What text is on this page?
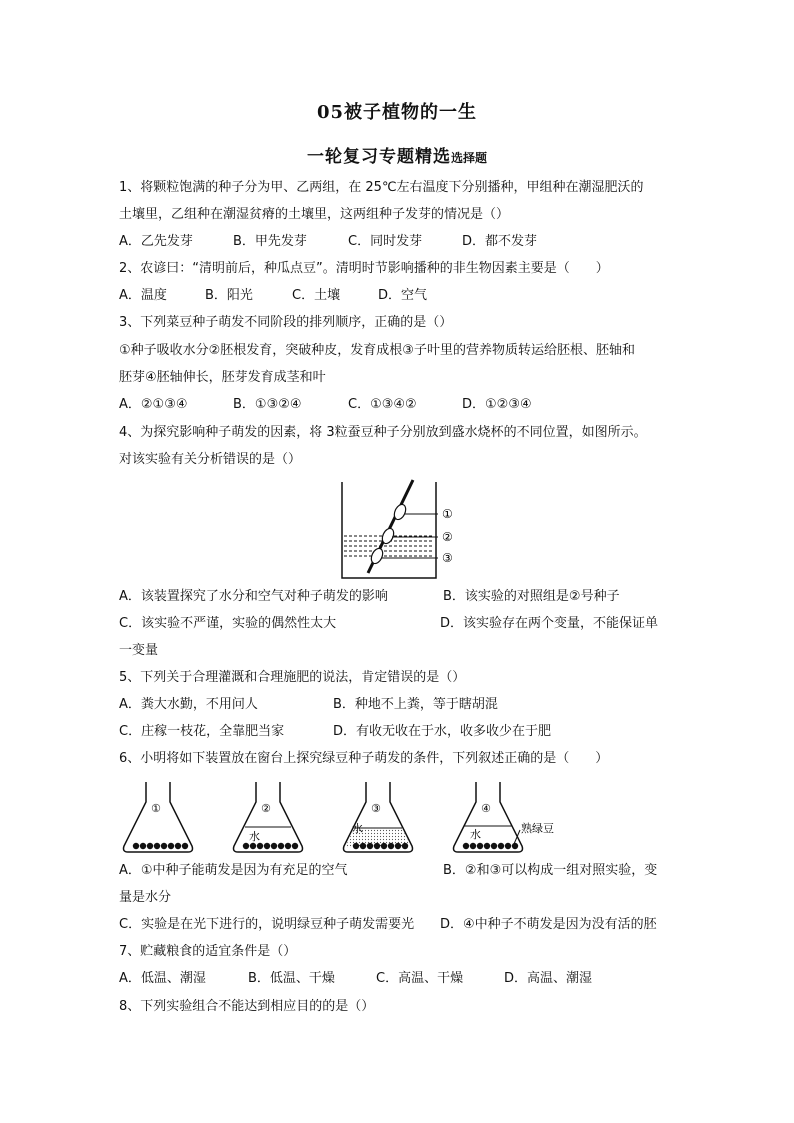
05被子植物的一生
一轮复习专题精选选择题
1、将颗粒饱满的种子分为甲、乙两组，在 25℃左右温度下分别播种，甲组种在潮湿肥沃的
土壤里，乙组种在潮湿贫瘠的土壤里，这两组种子发芽的情况是（）
A．乙先发芽	B．甲先发芽	C．同时发芽	D．都不发芽
2、农谚曰：“清明前后，种瓜点豆”。清明时节影响播种的非生物因素主要是（　　）
A．温度	B．阳光	C．土壤	D．空气
3、下列菜豆种子萌发不同阶段的排列顺序，正确的是（）
①种子吸收水分②胚根发育，突破种皮，发育成根③子叶里的营养物质转运给胚根、胚轴和
胚芽④胚轴伸长，胚芽发育成茎和叶
A．②①③④	B．①③②④	C．①③④②	D．①②③④
4、为探究影响种子萌发的因素，将 3粒蚕豆种子分别放到盛水烧杯的不同位置，如图所示。
对该实验有关分析错误的是（）
①
②
③
A．该装置探究了水分和空气对种子萌发的影响	B．该实验的对照组是②号种子
C．该实验不严谨，实验的偶然性太大	D．该实验存在两个变量，不能保证单
一变量
5、下列关于合理灌溉和合理施肥的说法，肯定错误的是（）
A．粪大水勤，不用问人	B．种地不上粪，等于瞎胡混
C．庄稼一枝花，全靠肥当家	D．有收无收在于水，收多收少在于肥
6、小明将如下装置放在窗台上探究绿豆种子萌发的条件，下列叙述正确的是（　　）
①	②
水
③
水
④
水	熟绿豆
A．①中种子能萌发是因为有充足的空气	B．②和③可以构成一组对照实验，变
量是水分
C．实验是在光下进行的，说明绿豆种子萌发需要光 D．④中种子不萌发是因为没有活的胚
7、贮藏粮食的适宜条件是（）
A．低温、潮湿	B．低温、干燥	C．高温、干燥	D．高温、潮湿
8、下列实验组合不能达到相应目的的是（）
